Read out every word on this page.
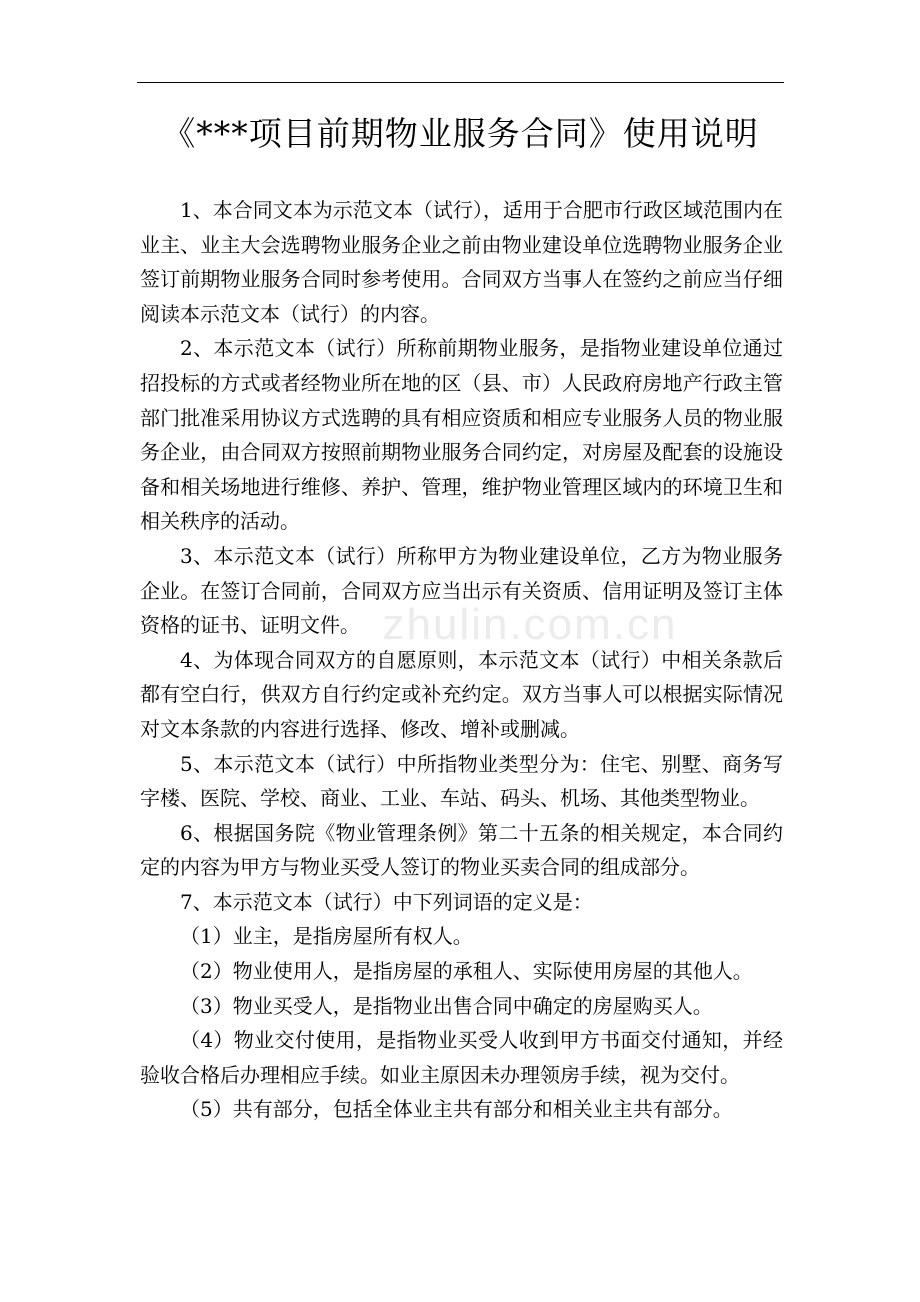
《***项目前期物业服务合同》使用说明
zhulin.com.cn

1、本合同文本为示范文本（试行），适用于合肥市行政区域范围内在业主、业主大会选聘物业服务企业之前由物业建设单位选聘物业服务企业签订前期物业服务合同时参考使用。合同双方当事人在签约之前应当仔细阅读本示范文本（试行）的内容。

2、本示范文本（试行）所称前期物业服务，是指物业建设单位通过招投标的方式或者经物业所在地的区（县、市）人民政府房地产行政主管部门批准采用协议方式选聘的具有相应资质和相应专业服务人员的物业服务企业，由合同双方按照前期物业服务合同约定，对房屋及配套的设施设备和相关场地进行维修、养护、管理，维护物业管理区域内的环境卫生和相关秩序的活动。

3、本示范文本（试行）所称甲方为物业建设单位，乙方为物业服务企业。在签订合同前，合同双方应当出示有关资质、信用证明及签订主体资格的证书、证明文件。

4、为体现合同双方的自愿原则，本示范文本（试行）中相关条款后都有空白行，供双方自行约定或补充约定。双方当事人可以根据实际情况对文本条款的内容进行选择、修改、增补或删减。

5、本示范文本（试行）中所指物业类型分为：住宅、别墅、商务写字楼、医院、学校、商业、工业、车站、码头、机场、其他类型物业。

6、根据国务院《物业管理条例》第二十五条的相关规定，本合同约定的内容为甲方与物业买受人签订的物业买卖合同的组成部分。

7、本示范文本（试行）中下列词语的定义是：

（1）业主，是指房屋所有权人。

（2）物业使用人，是指房屋的承租人、实际使用房屋的其他人。

（3）物业买受人，是指物业出售合同中确定的房屋购买人。

（4）物业交付使用，是指物业买受人收到甲方书面交付通知，并经验收合格后办理相应手续。如业主原因未办理领房手续，视为交付。

（5）共有部分，包括全体业主共有部分和相关业主共有部分。
